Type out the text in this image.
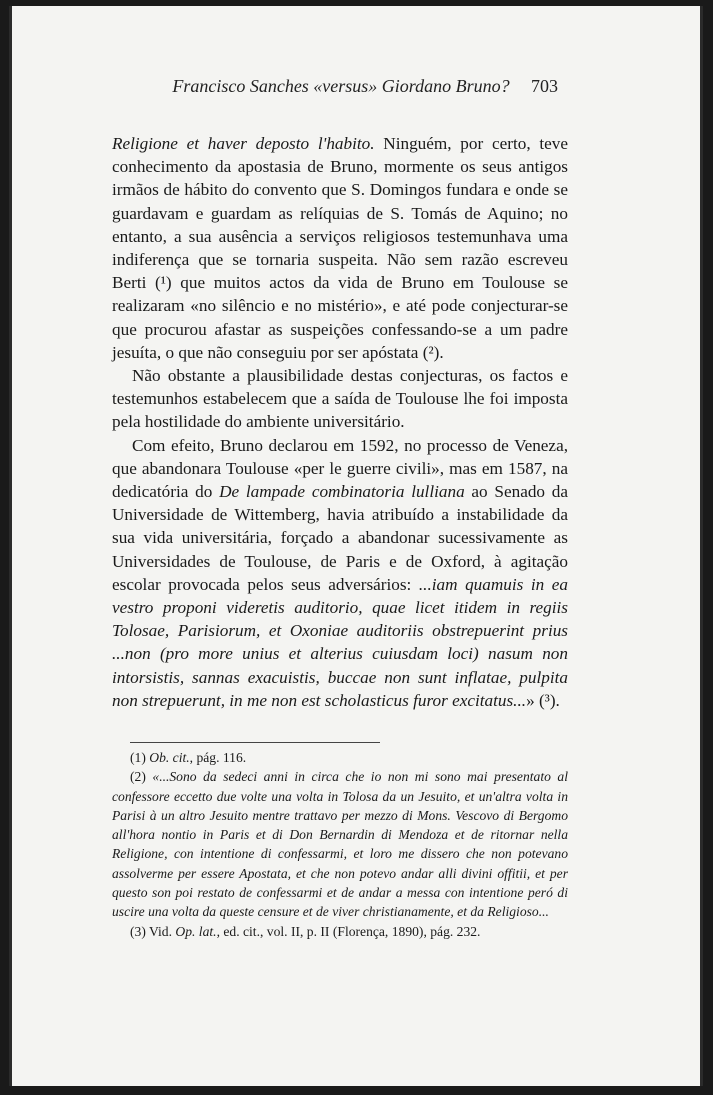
Francisco Sanches «versus» Giordano Bruno?	703

Religione et haver deposto l'habito. Ninguém, por certo, teve conhecimento da apostasia de Bruno, mormente os seus antigos irmãos de hábito do convento que S. Domingos fundara e onde se guardavam e guardam as relíquias de S. Tomás de Aquino; no entanto, a sua ausência a serviços religiosos testemunhava uma indiferença que se tornaria suspeita. Não sem razão escreveu Berti (¹) que muitos actos da vida de Bruno em Toulouse se realizaram «no silêncio e no mistério», e até pode conjecturar-se que procurou afastar as suspeições confessando-se a um padre jesuíta, o que não conseguiu por ser apóstata (²).

Não obstante a plausibilidade destas conjecturas, os factos e testemunhos estabelecem que a saída de Toulouse lhe foi imposta pela hostilidade do ambiente universitário.

Com efeito, Bruno declarou em 1592, no processo de Veneza, que abandonara Toulouse «per le guerre civili», mas em 1587, na dedicatória do De lampade combinatoria lulliana ao Senado da Universidade de Wittemberg, havia atribuído a instabilidade da sua vida universitária, forçado a abandonar sucessivamente as Universidades de Toulouse, de Paris e de Oxford, à agitação escolar provocada pelos seus adversários: ...iam quamuis in ea vestro proponi videretis auditorio, quae licet itidem in regiis Tolosae, Parisiorum, et Oxoniae auditoriis obstrepuerint prius ...non (pro more unius et alterius cuiusdam loci) nasum non intorsistis, sannas exacuistis, buccae non sunt inflatae, pulpita non strepuerunt, in me non est scholasticus furor excitatus...» (³).

(1) Ob. cit., pág. 116.

(2) «...Sono da sedeci anni in circa che io non mi sono mai presentato al confessore eccetto due volte una volta in Tolosa da un Jesuito, et un'altra volta in Parisi à un altro Jesuito mentre trattavo per mezzo di Mons. Vescovo di Bergomo all'hora nontio in Paris et di Don Bernardin di Mendoza et de ritornar nella Religione, con intentione di confessarmi, et loro me dissero che non potevano assolverme per essere Apostata, et che non potevo andar alli divini offitii, et per questo son poi restato de confessarmi et de andar a messa con intentione peró di uscire una volta da queste censure et de viver christianamente, et da Religioso...

(3) Vid. Op. lat., ed. cit., vol. II, p. II (Florença, 1890), pág. 232.
